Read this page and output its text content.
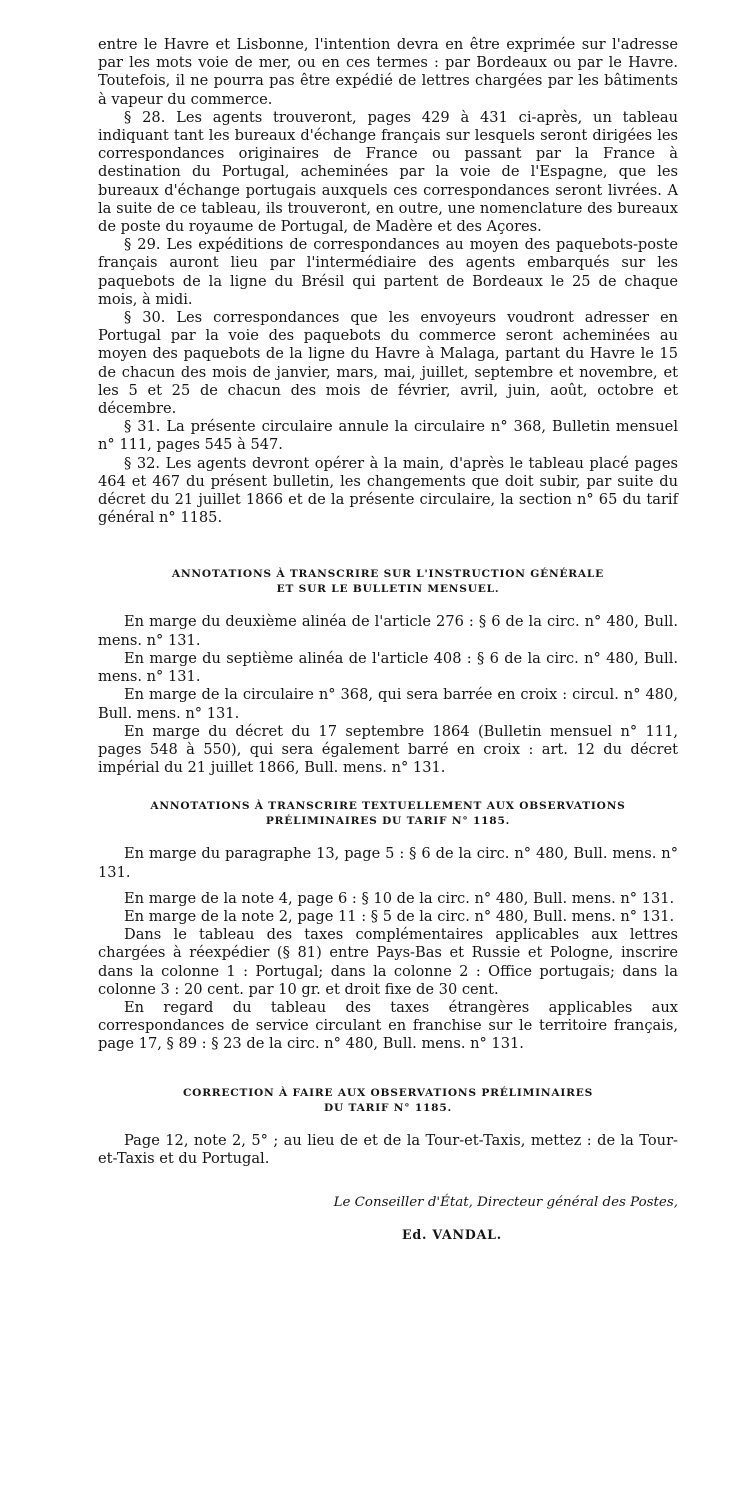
entre le Havre et Lisbonne, l'intention devra en être exprimée sur l'adresse par les mots voie de mer, ou en ces termes : par Bordeaux ou par le Havre. Toutefois, il ne pourra pas être expédié de lettres chargées par les bâtiments à vapeur du commerce.

§ 28. Les agents trouveront, pages 429 à 431 ci-après, un tableau indiquant tant les bureaux d'échange français sur lesquels seront dirigées les correspondances originaires de France ou passant par la France à destination du Portugal, acheminées par la voie de l'Espagne, que les bureaux d'échange portugais auxquels ces correspondances seront livrées. A la suite de ce tableau, ils trouveront, en outre, une nomenclature des bureaux de poste du royaume de Portugal, de Madère et des Açores.

§ 29. Les expéditions de correspondances au moyen des paquebots-poste français auront lieu par l'intermédiaire des agents embarqués sur les paquebots de la ligne du Brésil qui partent de Bordeaux le 25 de chaque mois, à midi.

§ 30. Les correspondances que les envoyeurs voudront adresser en Portugal par la voie des paquebots du commerce seront acheminées au moyen des paquebots de la ligne du Havre à Malaga, partant du Havre le 15 de chacun des mois de janvier, mars, mai, juillet, septembre et novembre, et les 5 et 25 de chacun des mois de février, avril, juin, août, octobre et décembre.

§ 31. La présente circulaire annule la circulaire n° 368, Bulletin mensuel n° 111, pages 545 à 547.

§ 32. Les agents devront opérer à la main, d'après le tableau placé pages 464 et 467 du présent bulletin, les changements que doit subir, par suite du décret du 21 juillet 1866 et de la présente circulaire, la section n° 65 du tarif général n° 1185.

ANNOTATIONS À TRANSCRIRE SUR L'INSTRUCTION GÉNÉRALE
ET SUR LE BULLETIN MENSUEL.

En marge du deuxième alinéa de l'article 276 : § 6 de la circ. n° 480, Bull. mens. n° 131.

En marge du septième alinéa de l'article 408 : § 6 de la circ. n° 480, Bull. mens. n° 131.

En marge de la circulaire n° 368, qui sera barrée en croix : circul. n° 480, Bull. mens. n° 131.

En marge du décret du 17 septembre 1864 (Bulletin mensuel n° 111, pages 548 à 550), qui sera également barré en croix : art. 12 du décret impérial du 21 juillet 1866, Bull. mens. n° 131.

ANNOTATIONS À TRANSCRIRE TEXTUELLEMENT AUX OBSERVATIONS
PRÉLIMINAIRES DU TARIF N° 1185.

En marge du paragraphe 13, page 5 : § 6 de la circ. n° 480, Bull. mens. n° 131.

En marge de la note 4, page 6 : § 10 de la circ. n° 480, Bull. mens. n° 131.

En marge de la note 2, page 11 : § 5 de la circ. n° 480, Bull. mens. n° 131.

Dans le tableau des taxes complémentaires applicables aux lettres chargées à réexpédier (§ 81) entre Pays-Bas et Russie et Pologne, inscrire dans la colonne 1 : Portugal; dans la colonne 2 : Office portugais; dans la colonne 3 : 20 cent. par 10 gr. et droit fixe de 30 cent.

En regard du tableau des taxes étrangères applicables aux correspondances de service circulant en franchise sur le territoire français, page 17, § 89 : § 23 de la circ. n° 480, Bull. mens. n° 131.

CORRECTION À FAIRE AUX OBSERVATIONS PRÉLIMINAIRES
DU TARIF N° 1185.

Page 12, note 2, 5° ; au lieu de et de la Tour-et-Taxis, mettez : de la Tour-et-Taxis et du Portugal.

Le Conseiller d'État, Directeur général des Postes,

Ed. VANDAL.
